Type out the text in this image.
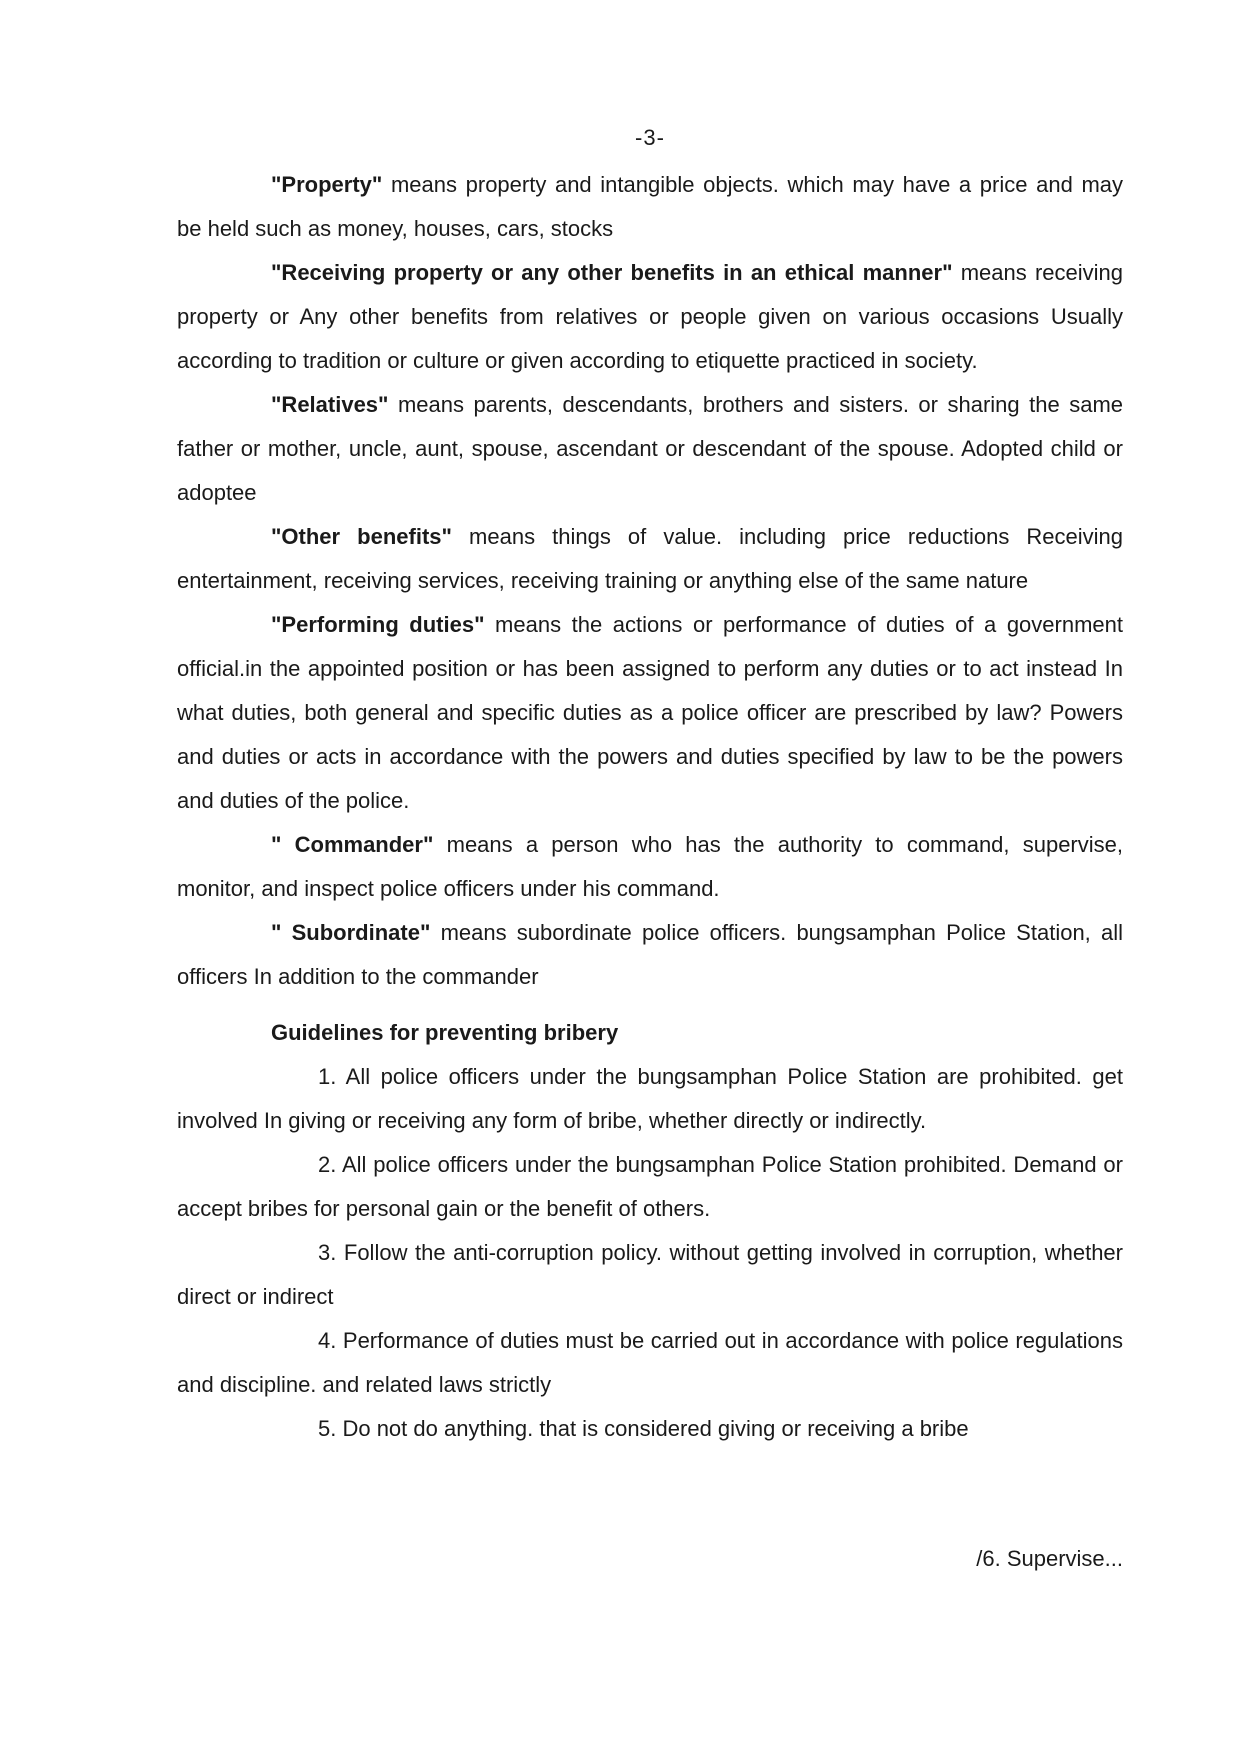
-3-

"Property" means property and intangible objects. which may have a price and may be held such as money, houses, cars, stocks

"Receiving property or any other benefits in an ethical manner" means receiving property or Any other benefits from relatives or people given on various occasions Usually according to tradition or culture or given according to etiquette practiced in society.

"Relatives" means parents, descendants, brothers and sisters. or sharing the same father or mother, uncle, aunt, spouse, ascendant or descendant of the spouse. Adopted child or adoptee

"Other benefits" means things of value. including price reductions Receiving entertainment, receiving services, receiving training or anything else of the same nature

"Performing duties" means the actions or performance of duties of a government official.in the appointed position or has been assigned to perform any duties or to act instead In what duties, both general and specific duties as a police officer are prescribed by law? Powers and duties or acts in accordance with the powers and duties specified by law to be the powers and duties of the police.

" Commander" means a person who has the authority to command, supervise, monitor, and inspect police officers under his command.

" Subordinate" means subordinate police officers. bungsamphan Police Station, all officers In addition to the commander

Guidelines for preventing bribery

1. All police officers under the bungsamphan Police Station are prohibited. get involved In giving or receiving any form of bribe, whether directly or indirectly.

2. All police officers under the bungsamphan Police Station prohibited. Demand or accept bribes for personal gain or the benefit of others.

3. Follow the anti-corruption policy. without getting involved in corruption, whether direct or indirect

4. Performance of duties must be carried out in accordance with police regulations and discipline. and related laws strictly

5. Do not do anything. that is considered giving or receiving a bribe

/6. Supervise...
